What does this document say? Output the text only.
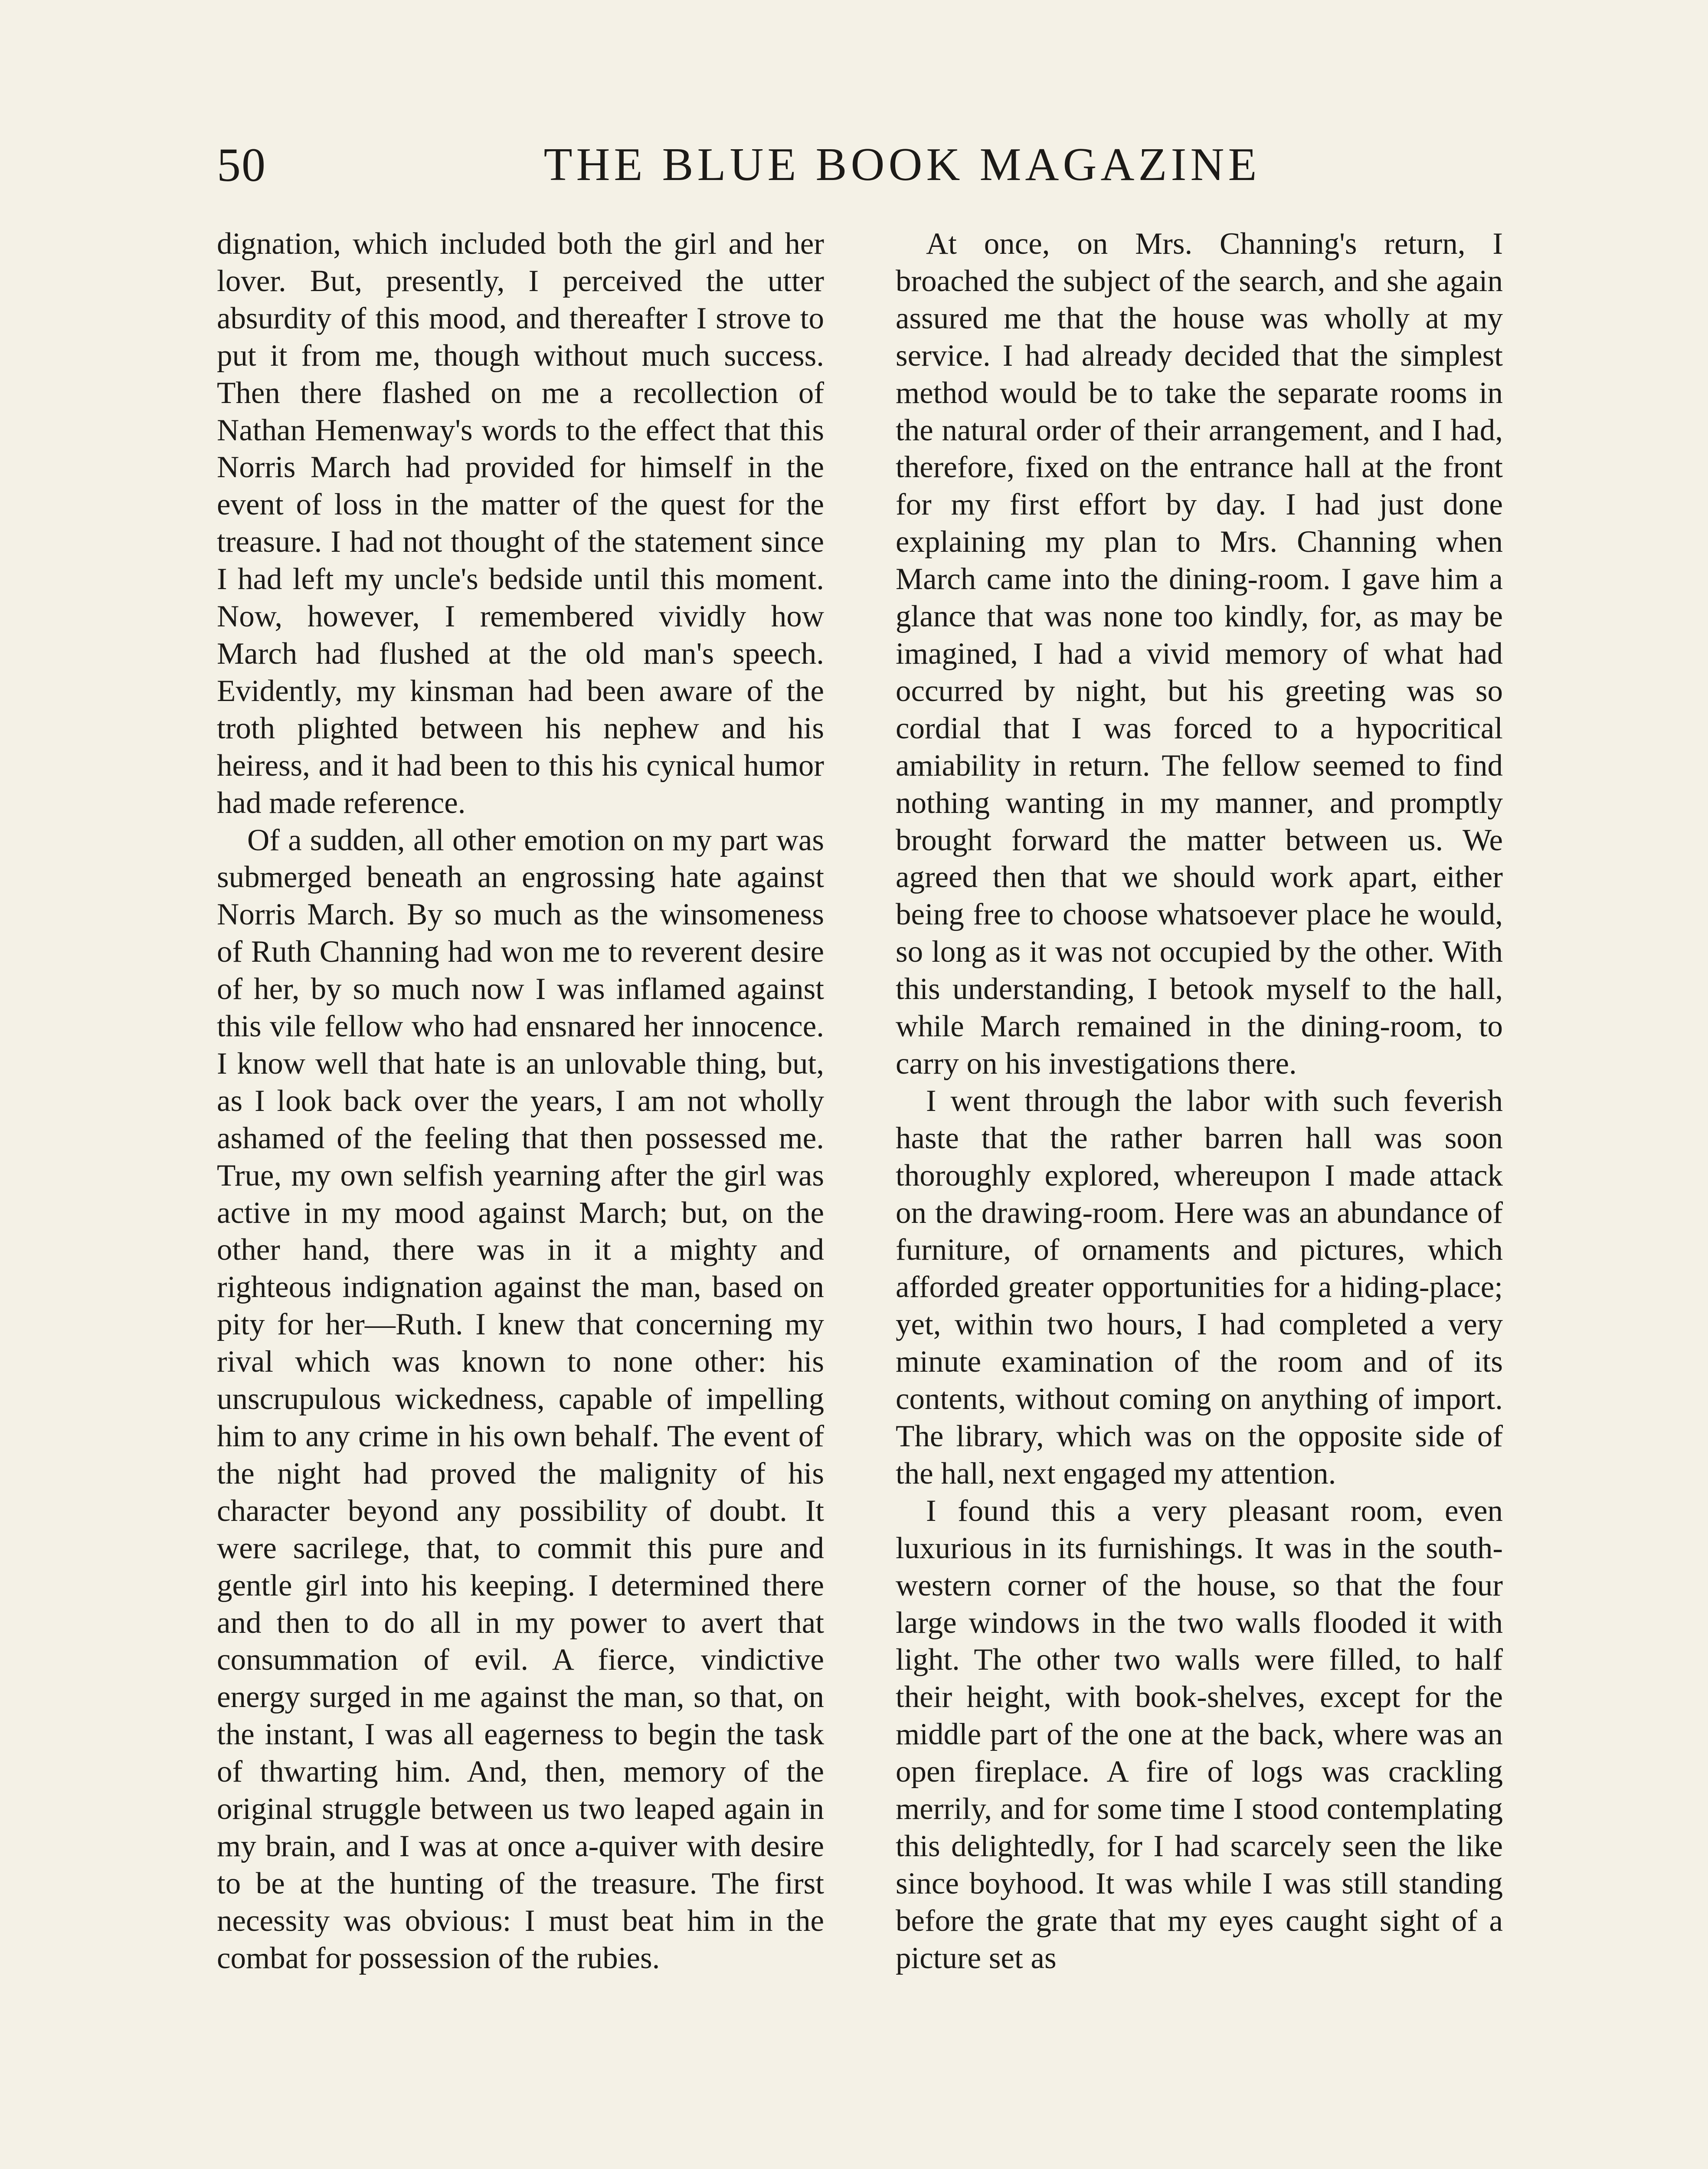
50	THE BLUE BOOK MAGAZINE

dignation, which included both the girl and her lover. But, presently, I perceived the utter absurdity of this mood, and thereafter I strove to put it from me, though without much success. Then there flashed on me a recollection of Nathan Hemenway's words to the effect that this Norris March had provided for himself in the event of loss in the matter of the quest for the treasure. I had not thought of the statement since I had left my uncle's bedside until this moment. Now, however, I remembered vividly how March had flushed at the old man's speech. Evidently, my kinsman had been aware of the troth plighted between his nephew and his heiress, and it had been to this his cynical humor had made reference.

Of a sudden, all other emotion on my part was submerged beneath an engrossing hate against Norris March. By so much as the winsomeness of Ruth Channing had won me to reverent desire of her, by so much now I was inflamed against this vile fellow who had ensnared her innocence. I know well that hate is an unlovable thing, but, as I look back over the years, I am not wholly ashamed of the feeling that then possessed me. True, my own selfish yearning after the girl was active in my mood against March; but, on the other hand, there was in it a mighty and righteous indignation against the man, based on pity for her—Ruth. I knew that concerning my rival which was known to none other: his unscrupulous wickedness, capable of impelling him to any crime in his own behalf. The event of the night had proved the malignity of his character beyond any possibility of doubt. It were sacrilege, that, to commit this pure and gentle girl into his keeping. I determined there and then to do all in my power to avert that consummation of evil. A fierce, vindictive energy surged in me against the man, so that, on the instant, I was all eagerness to begin the task of thwarting him. And, then, memory of the original struggle between us two leaped again in my brain, and I was at once a-quiver with desire to be at the hunting of the treasure. The first necessity was obvious: I must beat him in the combat for possession of the rubies.

At once, on Mrs. Channing's return, I broached the subject of the search, and she again assured me that the house was wholly at my service. I had already decided that the simplest method would be to take the separate rooms in the natural order of their arrangement, and I had, therefore, fixed on the entrance hall at the front for my first effort by day. I had just done explaining my plan to Mrs. Channing when March came into the dining-room. I gave him a glance that was none too kindly, for, as may be imagined, I had a vivid memory of what had occurred by night, but his greeting was so cordial that I was forced to a hypocritical amiability in return. The fellow seemed to find nothing wanting in my manner, and promptly brought forward the matter between us. We agreed then that we should work apart, either being free to choose whatsoever place he would, so long as it was not occupied by the other. With this understanding, I betook myself to the hall, while March remained in the dining-room, to carry on his investigations there.

I went through the labor with such feverish haste that the rather barren hall was soon thoroughly explored, whereupon I made attack on the drawing-room. Here was an abundance of furniture, of ornaments and pictures, which afforded greater opportunities for a hiding-place; yet, within two hours, I had completed a very minute examination of the room and of its contents, without coming on anything of import. The library, which was on the opposite side of the hall, next engaged my attention.

I found this a very pleasant room, even luxurious in its furnishings. It was in the south-western corner of the house, so that the four large windows in the two walls flooded it with light. The other two walls were filled, to half their height, with book-shelves, except for the middle part of the one at the back, where was an open fireplace. A fire of logs was crackling merrily, and for some time I stood contemplating this delightedly, for I had scarcely seen the like since boyhood. It was while I was still standing before the grate that my eyes caught sight of a picture set as
